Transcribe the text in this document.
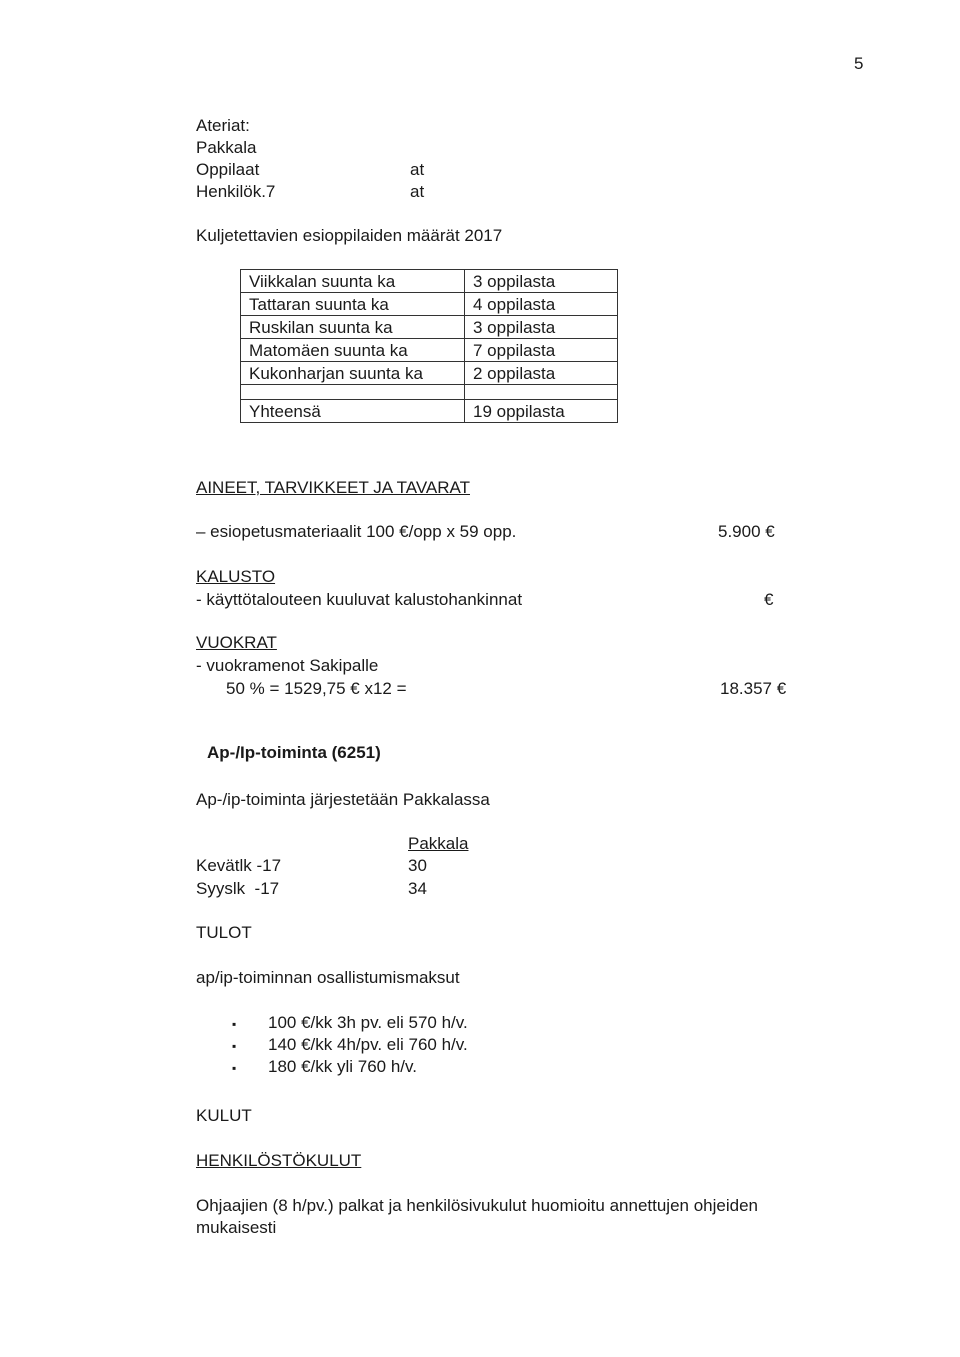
5
Ateriat:
Pakkala
Oppilaat	at
Henkilök.7	at
Kuljetettavien esioppilaiden määrät 2017
Viikkalan suunta ka	3 oppilasta
Tattaran suunta ka	4 oppilasta
Ruskilan suunta ka	3 oppilasta
Matomäen suunta ka	7 oppilasta
Kukonharjan suunta ka	2 oppilasta

Yhteensä	19 oppilasta
AINEET, TARVIKKEET JA TAVARAT
– esiopetusmateriaalit 100 €/opp x 59 opp.	5.900 €
KALUSTO
- käyttötalouteen kuuluvat kalustohankinnat	€
VUOKRAT
- vuokramenot Sakipalle
50 % = 1529,75 € x12 =	18.357 €
Ap-/Ip-toiminta (6251)
Ap-/ip-toiminta järjestetään Pakkalassa
Pakkala
Kevätlk -17	30
Syyslk  -17	34
TULOT
ap/ip-toiminnan osallistumismaksut
▪ 100 €/kk 3h pv. eli 570 h/v.
▪ 140 €/kk 4h/pv. eli 760 h/v.
▪ 180 €/kk yli 760 h/v.
KULUT
HENKILÖSTÖKULUT
Ohjaajien (8 h/pv.) palkat ja henkilösivukulut huomioitu annettujen ohjeiden
mukaisesti
